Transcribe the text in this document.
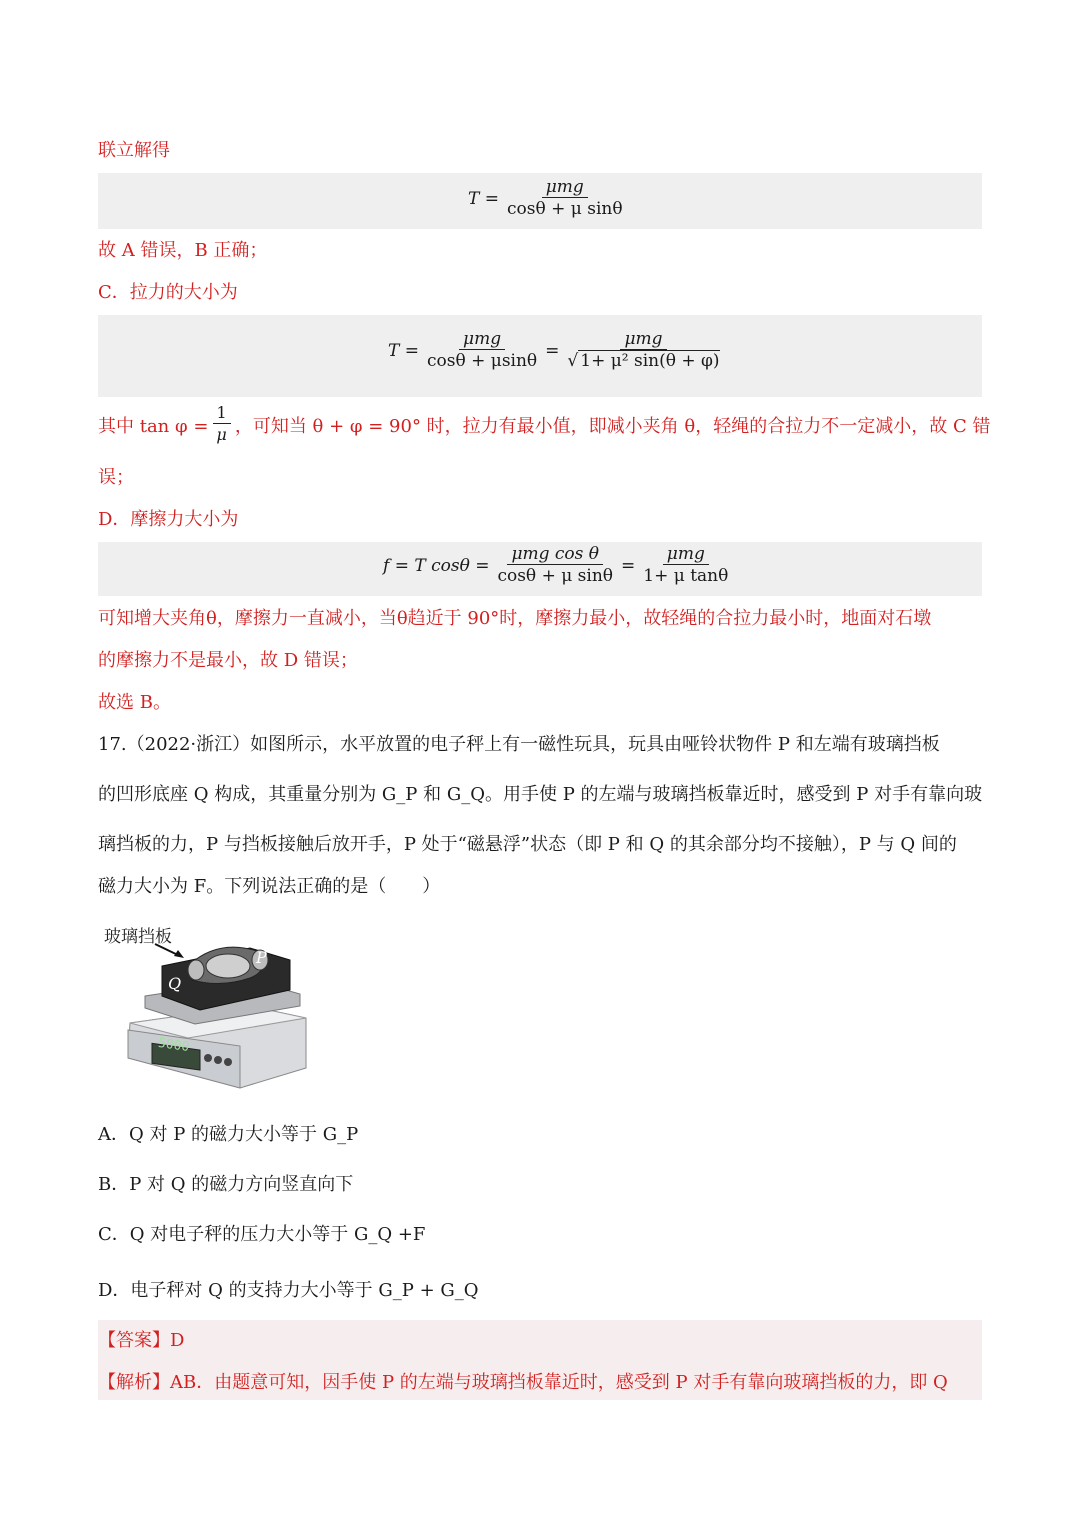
联立解得
$T = \frac{\text{μmg}}{\text{cosθ + μ sinθ}}$
故 A 错误，B 正确；
C．拉力的大小为
$T = \frac{\text{μmg}}{\cos\theta + \mu\sin\theta} = \frac{\text{μmg}}{\text{√ 1+ μ² sin(θ + φ)}}$
其中 $\tan \varphi = \frac{1}{\mu}$ ，可知当 θ + φ = 90° 时，拉力有最小值，即减小夹角 θ，轻绳的合拉力不一定减小，故 C 错
误；
D．摩擦力大小为
f = T $\cos\theta = \frac{\text{μmg cos θ}}{\text{cosθ + μ sinθ}} = \frac{\text{μmg}}{\text{1+ μ tanθ}}$
可知增大夹角θ，摩擦力一直减小，当θ趋近于 90°时，摩擦力最小，故轻绳的合拉力最小时，地面对石墩
的摩擦力不是最小，故 D 错误；
故选 B。
17.（2022·浙江）如图所示，水平放置的电子秤上有一磁性玩具，玩具由哑铃状物件 P 和左端有玻璃挡板
的凹形底座 Q 构成，其重量分别为 G_P 和 G_Q。用手使 P 的左端与玻璃挡板靠近时，感受到 P 对手有靠向玻
璃挡板的力，P 与挡板接触后放开手，P 处于“磁悬浮”状态（即 P 和 Q 的其余部分均不接触），P 与 Q 间的
磁力大小为 F。下列说法正确的是（　　）
玻璃挡板
P
Q
5000
A．Q 对 P 的磁力大小等于 G_P
B．P 对 Q 的磁力方向竖直向下
C．Q 对电子秤的压力大小等于 G_Q +F
D．电子秤对 Q 的支持力大小等于 G_P + G_Q
【答案】D
【解析】AB．由题意可知，因手使 P 的左端与玻璃挡板靠近时，感受到 P 对手有靠向玻璃挡板的力，即 Q
